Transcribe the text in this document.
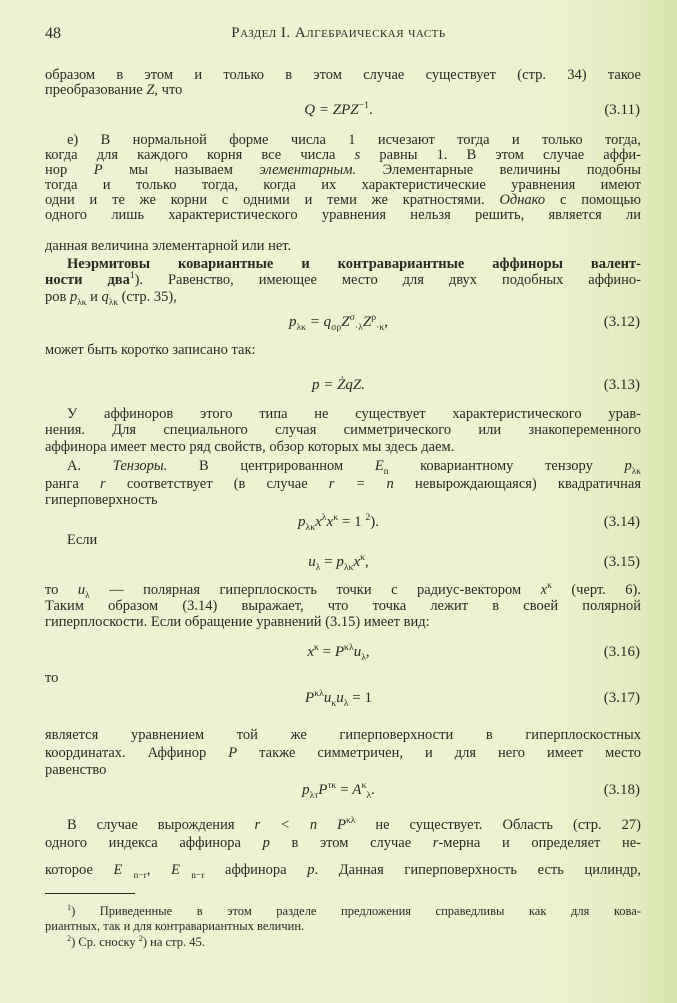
48	Раздел I. Алгебраическая часть
образом в этом и только в этом случае существует (стр. 34) такое
преобразование Z, что
$Q = ZPZ^{-1}$.	(3.11)
е) В нормальной форме числа 1 исчезают тогда и только тогда,
когда для каждого корня все числа s равны 1. В этом случае аффи-
нор P мы называем элементарным. Элементарные величины подобны
тогда и только тогда, когда их характеристические уравнения имеют
одни и те же корни с одними и теми же кратностями. Однако с помощью
одного лишь характеристического уравнения нельзя решить, является ли
данная величина элементарной или нет.
Неэрмитовы ковариантные и контравариантные аффиноры валент-
ности два$^1$). Равенство, имеющее место для двух подобных аффино-
ров $p_{\lambda\kappa}$ и $q_{\lambda\kappa}$ (стр. 35),
$p_{\lambda\kappa} = q_{\sigma\rho}Z^\sigma_{\cdot\lambda}Z^\rho_{\cdot\kappa}$,	(3.12)
может быть коротко записано так:
p = Z̍qZ.	(3.13)
У аффиноров этого типа не существует характеристического урав-
нения. Для специального случая симметрического или знакопеременного
аффинора имеет место ряд свойств, обзор которых мы здесь даем.
А. Тензоры. В центрированном $E_n$ ковариантному тензору $p_{\lambda\kappa}$
ранга r соответствует (в случае r = n невырождающаяся) квадратичная
гиперповерхность
$p_{\lambda\kappa}x^\lambda x^\kappa = 1$ $^2$).	(3.14)
Если
$u_\lambda = p_{\lambda\kappa}x^\kappa$,	(3.15)
то $u_\lambda$ — полярная гиперплоскость точки с радиус-вектором $x^\kappa$ (черт. 6).
Таким образом (3.14) выражает, что точка лежит в своей полярной
гиперплоскости. Если обращение уравнений (3.15) имеет вид:
$x^\kappa = P^{\kappa\lambda}u_\lambda$,	(3.16)
то
$P^{\kappa\lambda}u_\kappa u_\lambda = 1$	(3.17)
является уравнением той же гиперповерхности в гиперплоскостных
координатах. Аффинор P также симметричен, и для него имеет место
равенство
$p_{\lambda\tau}P^{\tau\kappa} = A^\kappa_\lambda$.	(3.18)
В случае вырождения r < n $P^{\kappa\lambda}$ не существует. Область (стр. 27)
одного индекса аффинора p в этом случае r-мерна и определяет не-
которое $E⃗_{n-r}$, $E⃗_{n-r}$ аффинора p. Данная гиперповерхность есть цилиндр,
$^1$) Приведенные в этом разделе предложения справедливы как для кова-
риантных, так и для контравариантных величин.
$^2$) Ср. сноску $^2$) на стр. 45.
